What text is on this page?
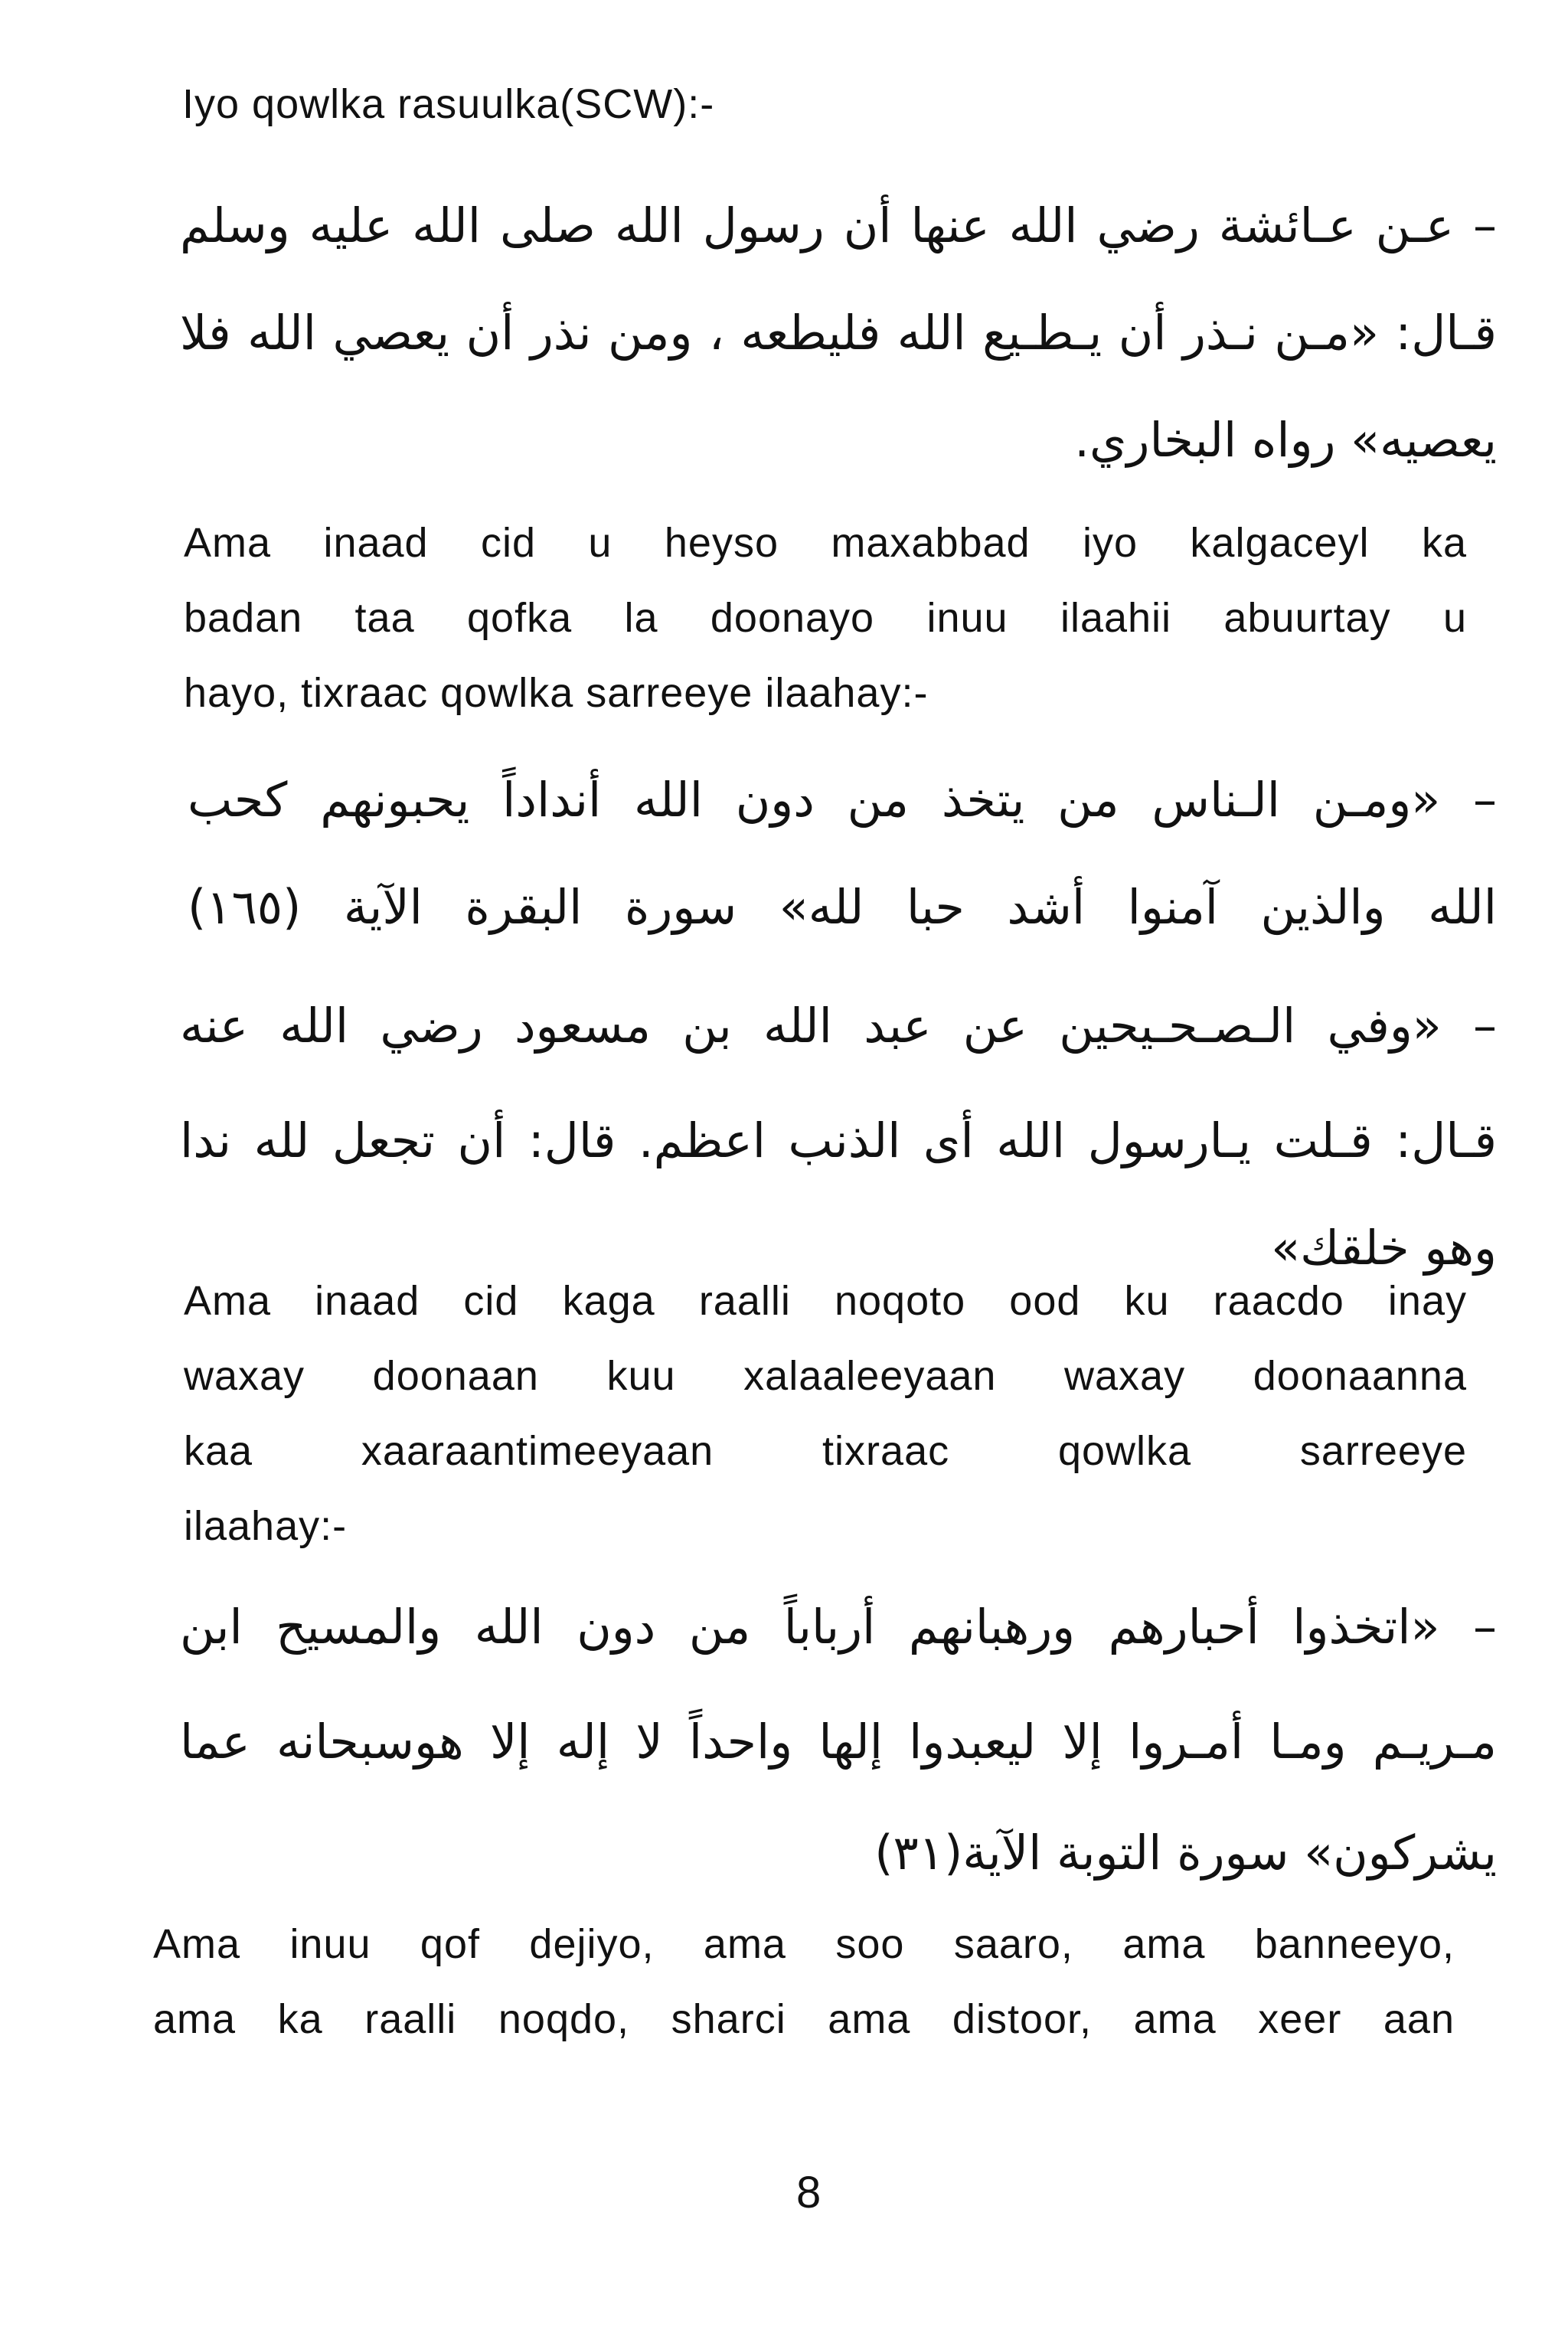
Iyo qowlka rasuulka(SCW):-
– عـن عـائشة رضي الله عنها أن رسول الله صلى الله عليه وسلم
قـال: «مـن نـذر أن يـطـيع الله فليطعه ، ومن نذر أن يعصي الله فلا
يعصيه» رواه البخاري.
Ama inaad cid u heyso maxabbad iyo kalgaceyl ka
badan taa qofka la doonayo inuu ilaahii abuurtay u
hayo, tixraac qowlka sarreeye ilaahay:-
– «ومـن الـناس من يتخذ من دون الله أنداداً يحبونهم كحب
الله والذين آمنوا أشد حبا لله» سورة البقرة الآية (١٦٥)
– «وفي الـصـحـيحين عن عبد الله بن مسعود رضي الله عنه
قـال: قـلت يـارسول الله أى الذنب اعظم. قال: أن تجعل لله ندا
وهو خلقك»
Ama inaad cid kaga raalli noqoto ood ku raacdo inay
waxay doonaan kuu xalaaleeyaan waxay doonaanna
kaa xaaraantimeeyaan tixraac qowlka sarreeye
ilaahay:-
– «اتخذوا أحبارهم ورهبانهم أرباباً من دون الله والمسيح ابن
مـريـم ومـا أمـروا إلا ليعبدوا إلها واحداً لا إله إلا هوسبحانه عما
يشركون» سورة التوبة الآية(٣١)
Ama inuu qof dejiyo, ama soo saaro, ama banneeyo,
ama ka raalli noqdo, sharci ama distoor, ama xeer aan
8
